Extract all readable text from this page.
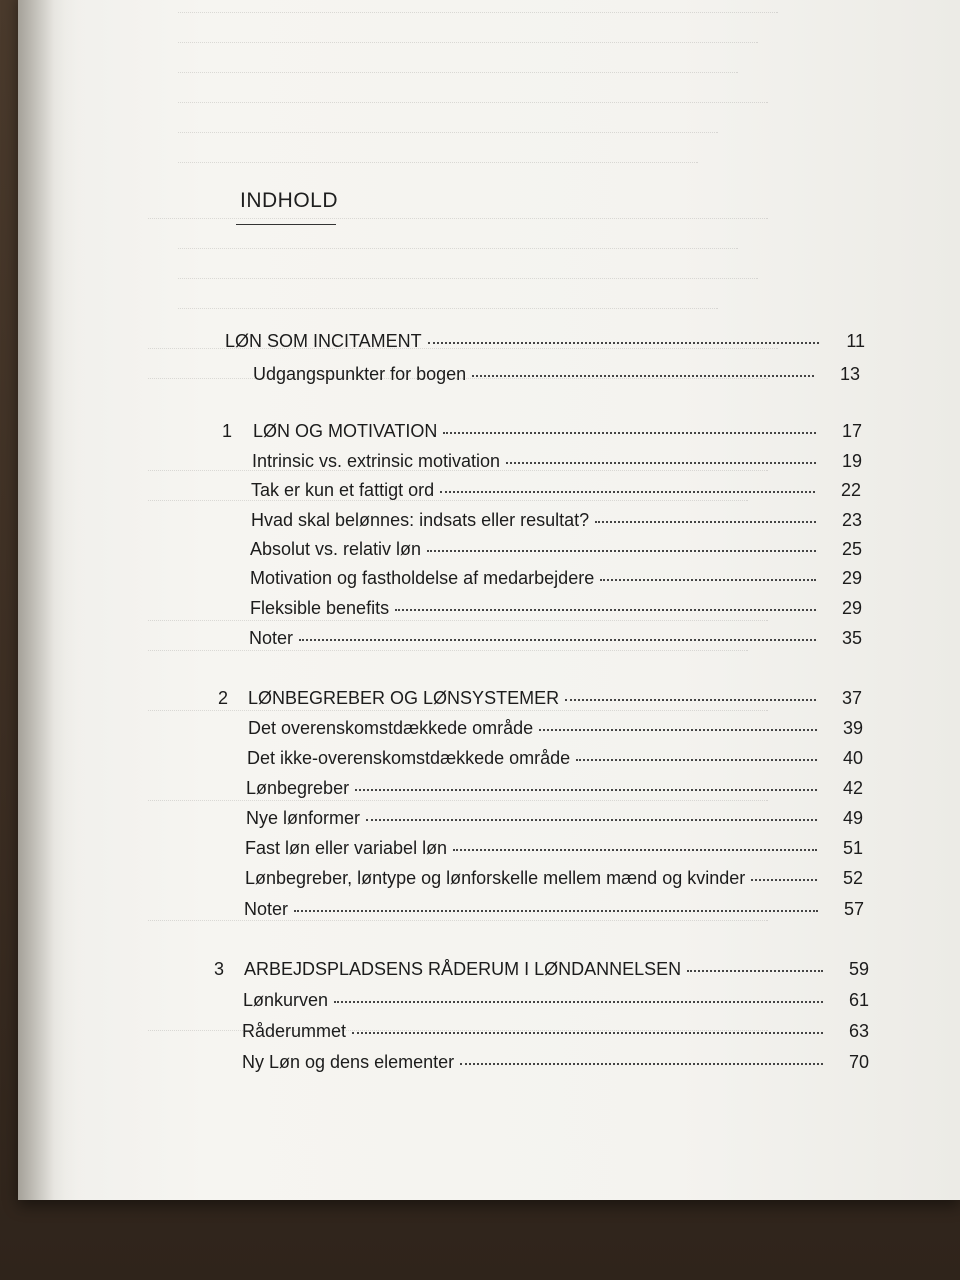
INDHOLD
LØN SOM INCITAMENT	11
Udgangspunkter for bogen	13
1	LØN OG MOTIVATION	17
Intrinsic vs. extrinsic motivation	19
Tak er kun et fattigt ord	22
Hvad skal belønnes: indsats eller resultat?	23
Absolut vs. relativ løn	25
Motivation og fastholdelse af medarbejdere	29
Fleksible benefits	29
Noter	35
2	LØNBEGREBER OG LØNSYSTEMER	37
Det overenskomstdækkede område	39
Det ikke-overenskomstdækkede område	40
Lønbegreber	42
Nye lønformer	49
Fast løn eller variabel løn	51
Lønbegreber, løntype og lønforskelle mellem mænd og kvinder	52
Noter	57
3	ARBEJDSPLADSENS RÅDERUM I LØNDANNELSEN	59
Lønkurven	61
Råderummet	63
Ny Løn og dens elementer	70
